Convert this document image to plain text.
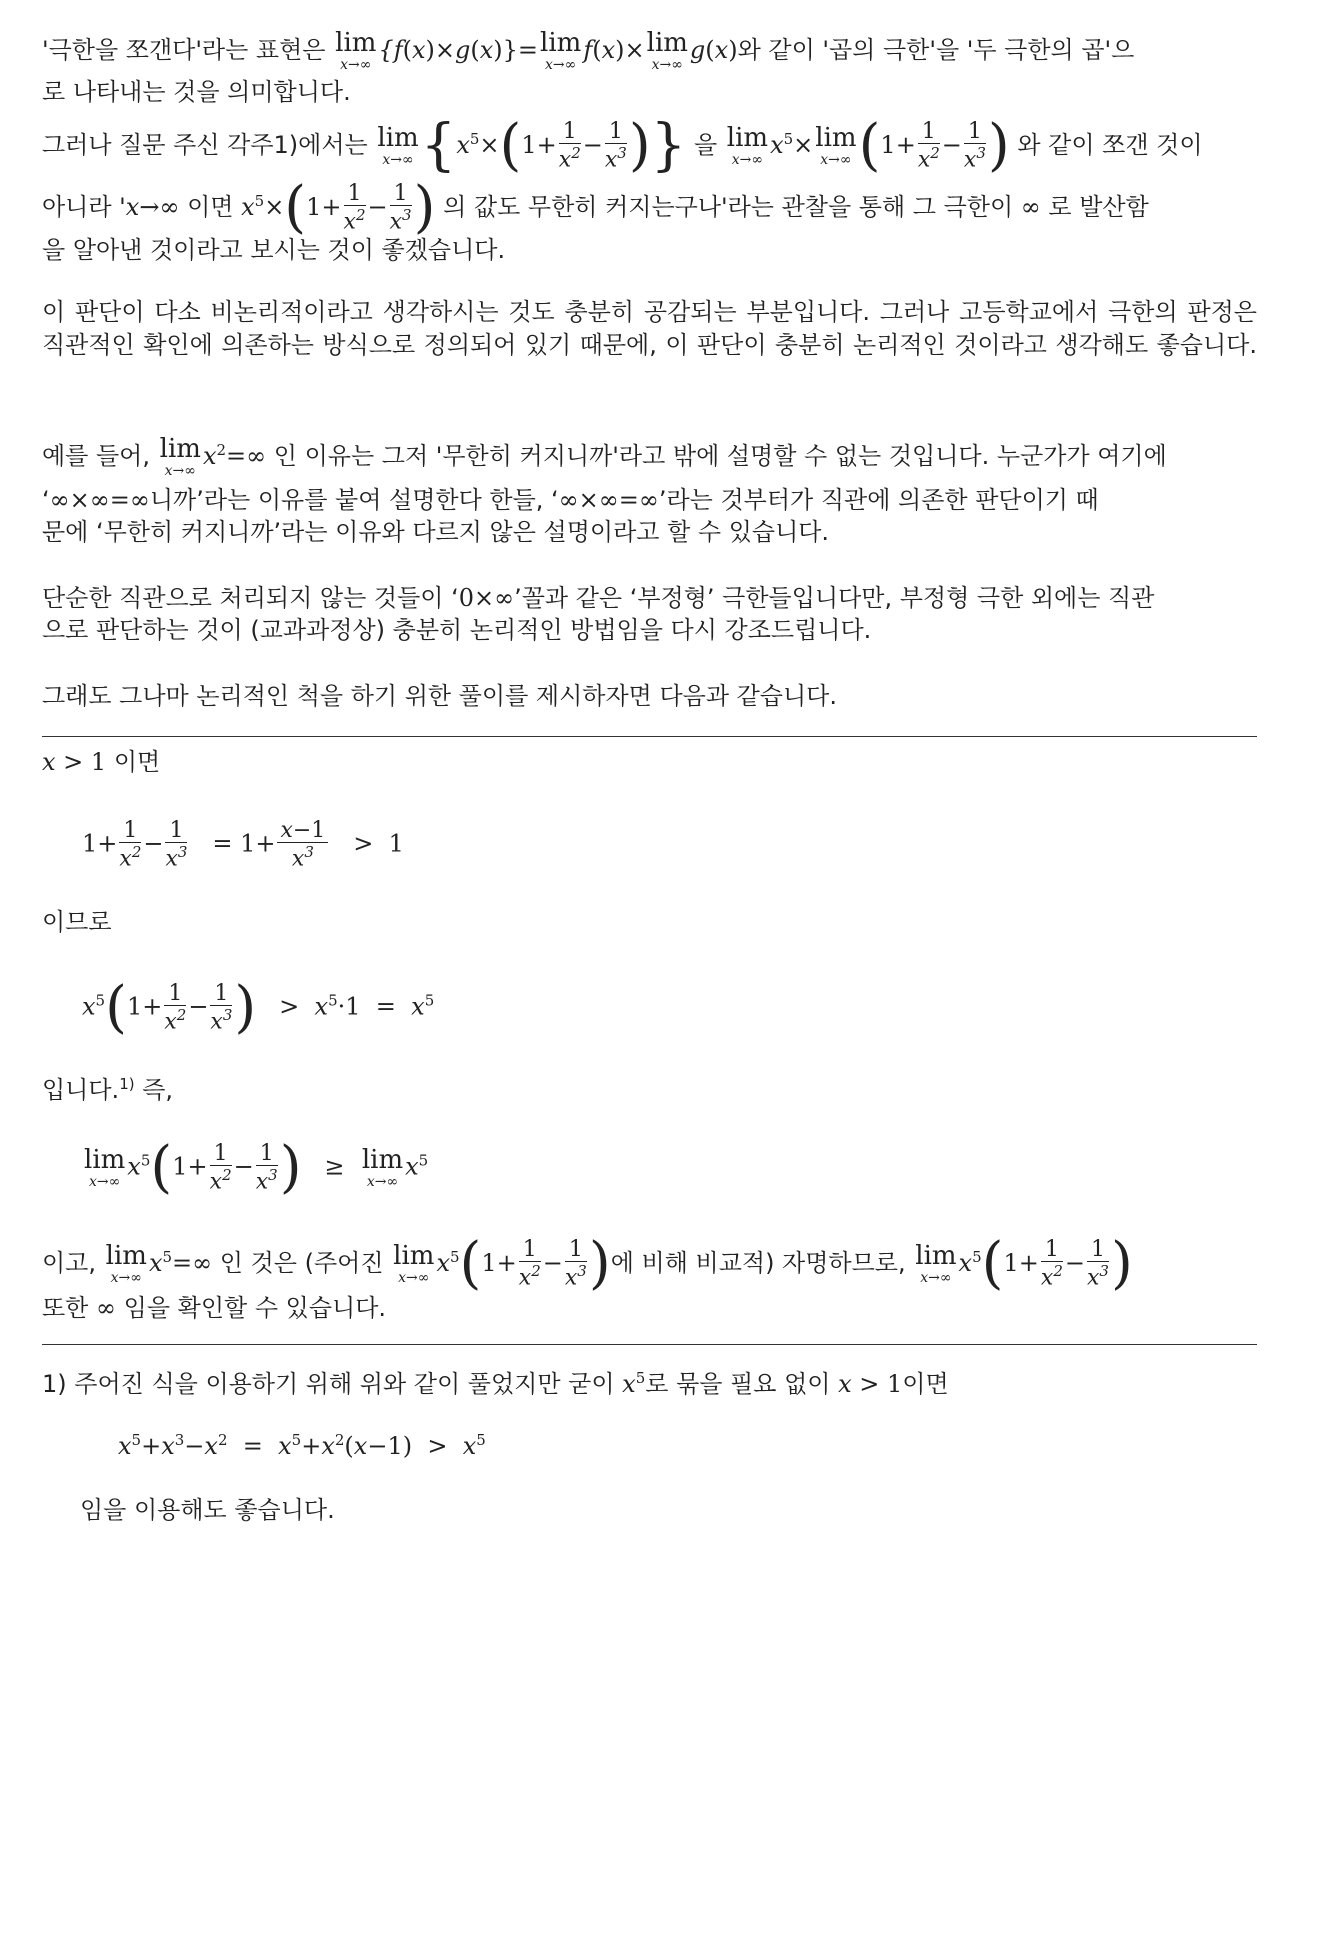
'극한을 쪼갠다'라는 표현은 lim
x→∞
{f(x)×g(x)}= lim
x→∞
f(x)× lim
x→∞
g(x)와 같이 '곱의 극한'을 '두 극한의 곱'으
로 나타내는 것을 의미합니다.
그러나 질문 주신 각주1)에서는 lim
x→∞ {$x^5\times(1+ \frac{1}{x^2} - \frac{1}{x^3}$ )} 을 lim
x→∞
$x^5\times \lim$
x→∞ ($1+ \frac{1}{x^2} - \frac{1}{x^3}$ ) 와 같이 쪼갠 것이
아니라 'x→∞ 이면 $x^5\times(1+ \frac{1}{x^2} - \frac{1}{x^3}$ ) 의 값도 무한히 커지는구나'라는 관찰을 통해 그 극한이 ∞ 로 발산함
을 알아낸 것이라고 보시는 것이 좋겠습니다.
이 판단이 다소 비논리적이라고 생각하시는 것도 충분히 공감되는 부분입니다. 그러나 고등학교에서 극한의 판정은 직관적인 확인에 의존하는 방식으로 정의되어 있기 때문에, 이 판단이 충분히 논리적인 것이라고 생각해도 좋습니다.
예를 들어, lim
x→∞
$x^2=\infty$ 인 이유는 그저 '무한히 커지니까'라고 밖에 설명할 수 없는 것입니다. 누군가가 여기에
‘∞×∞=∞니까’라는 이유를 붙여 설명한다 한들, ‘∞×∞=∞’라는 것부터가 직관에 의존한 판단이기 때
문에 ‘무한히 커지니까’라는 이유와 다르지 않은 설명이라고 할 수 있습니다.
단순한 직관으로 처리되지 않는 것들이 ‘0×∞’꼴과 같은 ‘부정형’ 극한들입니다만, 부정형 극한 외에는 직관
으로 판단하는 것이 (교과과정상) 충분히 논리적인 방법임을 다시 강조드립니다.
그래도 그나마 논리적인 척을 하기 위한 풀이를 제시하자면 다음과 같습니다.
x > 1 이면
$1+ \frac{1}{x^2} - \frac{1}{x^3} = 1+ \frac{x-1}{x^3} > 1$
이므로
$x^5(1+ \frac{1}{x^2} - \frac{1}{x^3}$ )   >  $x^5\cdot 1 = x^5$
입니다.$^{1)}$ 즉,
lim
x→∞
$x^5(1+ \frac{1}{x^2} - \frac{1}{x^3}$ )   ≥ lim
x→∞
$x^5$
이고, lim
x→∞
$x^5=\infty$ 인 것은 (주어진 lim
x→∞
$x^5(1+ \frac{1}{x^2} - \frac{1}{x^3}$ )에 비해 비교적) 자명하므로, lim
x→∞
$x^5(1+ \frac{1}{x^2} - \frac{1}{x^3}$ )
또한 ∞ 임을 확인할 수 있습니다.
1) 주어진 식을 이용하기 위해 위와 같이 풀었지만 굳이 $x^5$로 묶을 필요 없이 x > 1이면
$x^5+x^3-x^2 = x^5+x^2(x-1) > x^5$
임을 이용해도 좋습니다.
